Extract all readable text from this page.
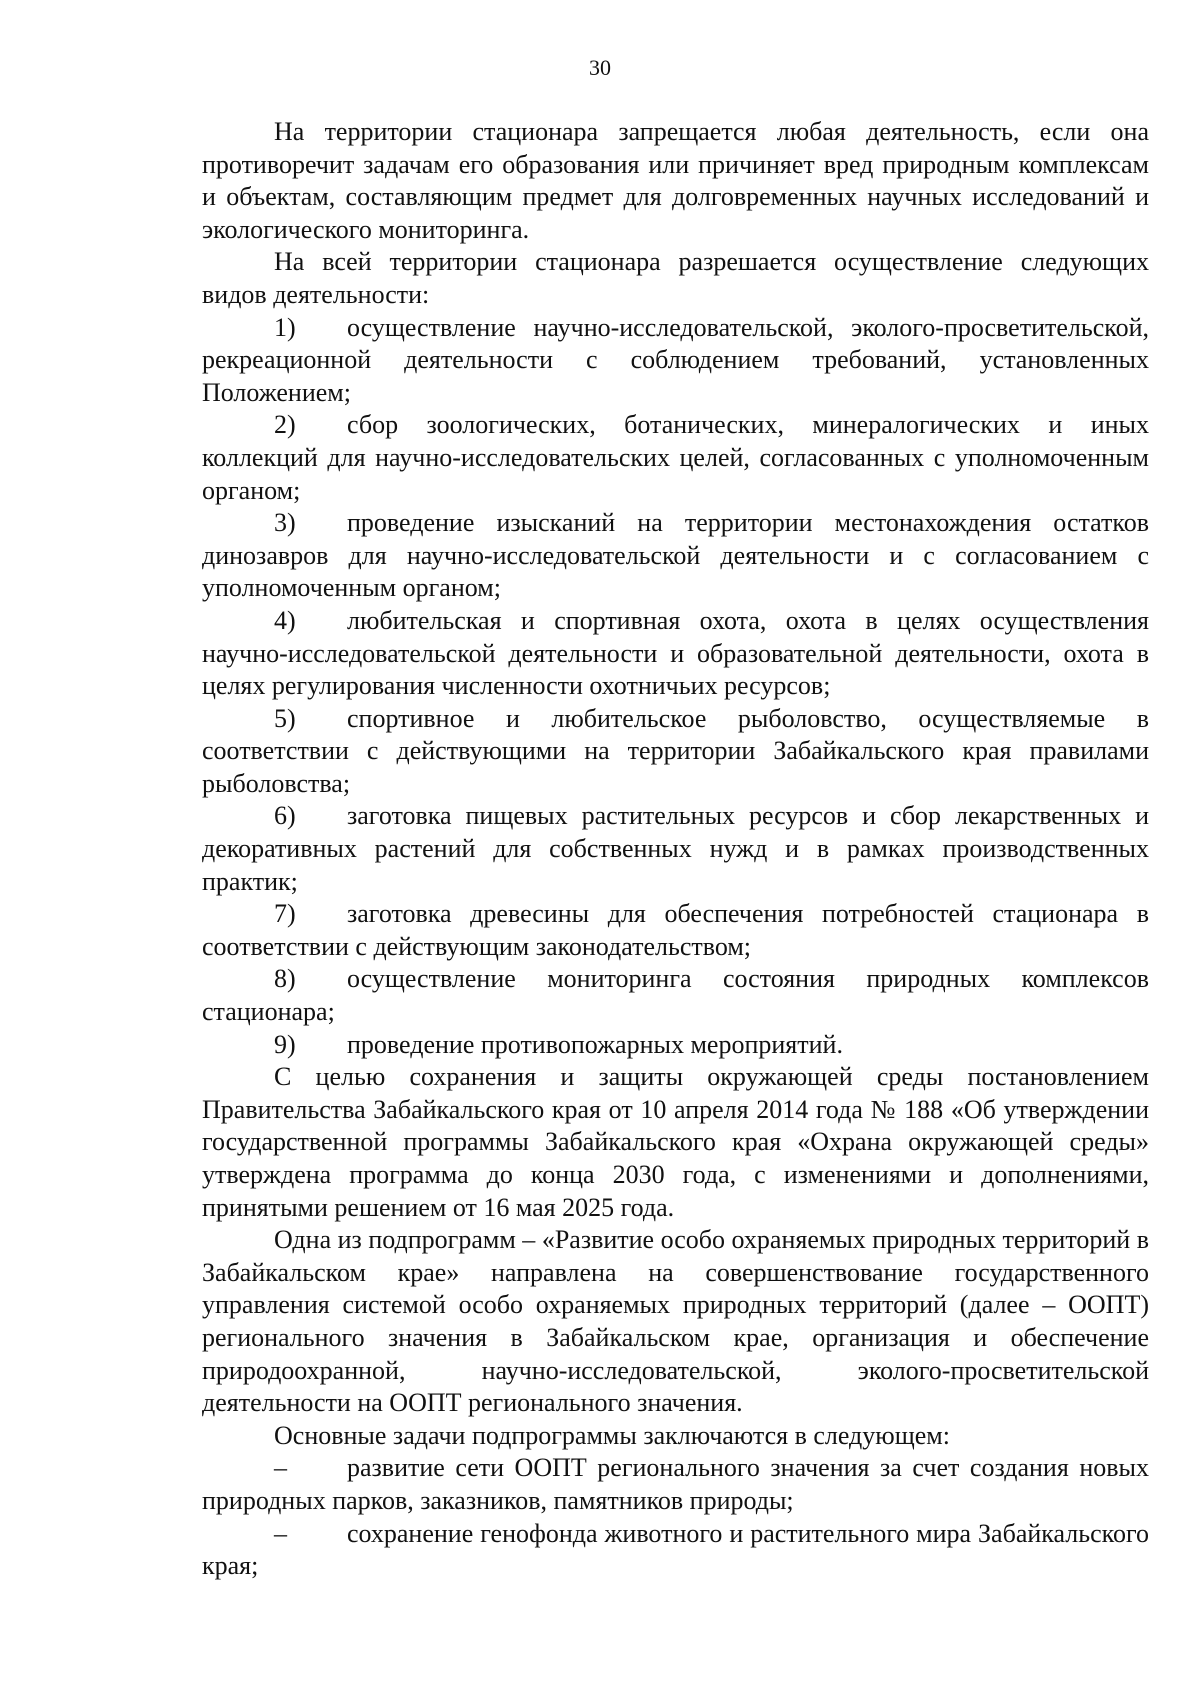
30

На территории стационара запрещается любая деятельность, если она противоречит задачам его образования или причиняет вред природным комплексам и объектам, составляющим предмет для долговременных научных исследований и экологического мониторинга.

На всей территории стационара разрешается осуществление следующих видов деятельности:

1) осуществление научно-исследовательской, эколого-просветительской, рекреационной деятельности с соблюдением требований, установленных Положением;

2) сбор зоологических, ботанических, минералогических и иных коллекций для научно-исследовательских целей, согласованных с уполномоченным органом;

3) проведение изысканий на территории местонахождения остатков динозавров для научно-исследовательской деятельности и с согласованием с уполномоченным органом;

4) любительская и спортивная охота, охота в целях осуществления научно-исследовательской деятельности и образовательной деятельности, охота в целях регулирования численности охотничьих ресурсов;

5) спортивное и любительское рыболовство, осуществляемые в соответствии с действующими на территории Забайкальского края правилами рыболовства;

6) заготовка пищевых растительных ресурсов и сбор лекарственных и декоративных растений для собственных нужд и в рамках производственных практик;

7) заготовка древесины для обеспечения потребностей стационара в соответствии с действующим законодательством;

8) осуществление мониторинга состояния природных комплексов стационара;

9) проведение противопожарных мероприятий.

С целью сохранения и защиты окружающей среды постановлением Правительства Забайкальского края от 10 апреля 2014 года № 188 «Об утверждении государственной программы Забайкальского края «Охрана окружающей среды» утверждена программа до конца 2030 года, с изменениями и дополнениями, принятыми решением от 16 мая 2025 года.

Одна из подпрограмм – «Развитие особо охраняемых природных территорий в Забайкальском крае» направлена на совершенствование государственного управления системой особо охраняемых природных территорий (далее – ООПТ) регионального значения в Забайкальском крае, организация и обеспечение природоохранной, научно-исследовательской, эколого-просветительской деятельности на ООПТ регионального значения.

Основные задачи подпрограммы заключаются в следующем:

– развитие сети ООПТ регионального значения за счет создания новых природных парков, заказников, памятников природы;

– сохранение генофонда животного и растительного мира Забайкальского края;
